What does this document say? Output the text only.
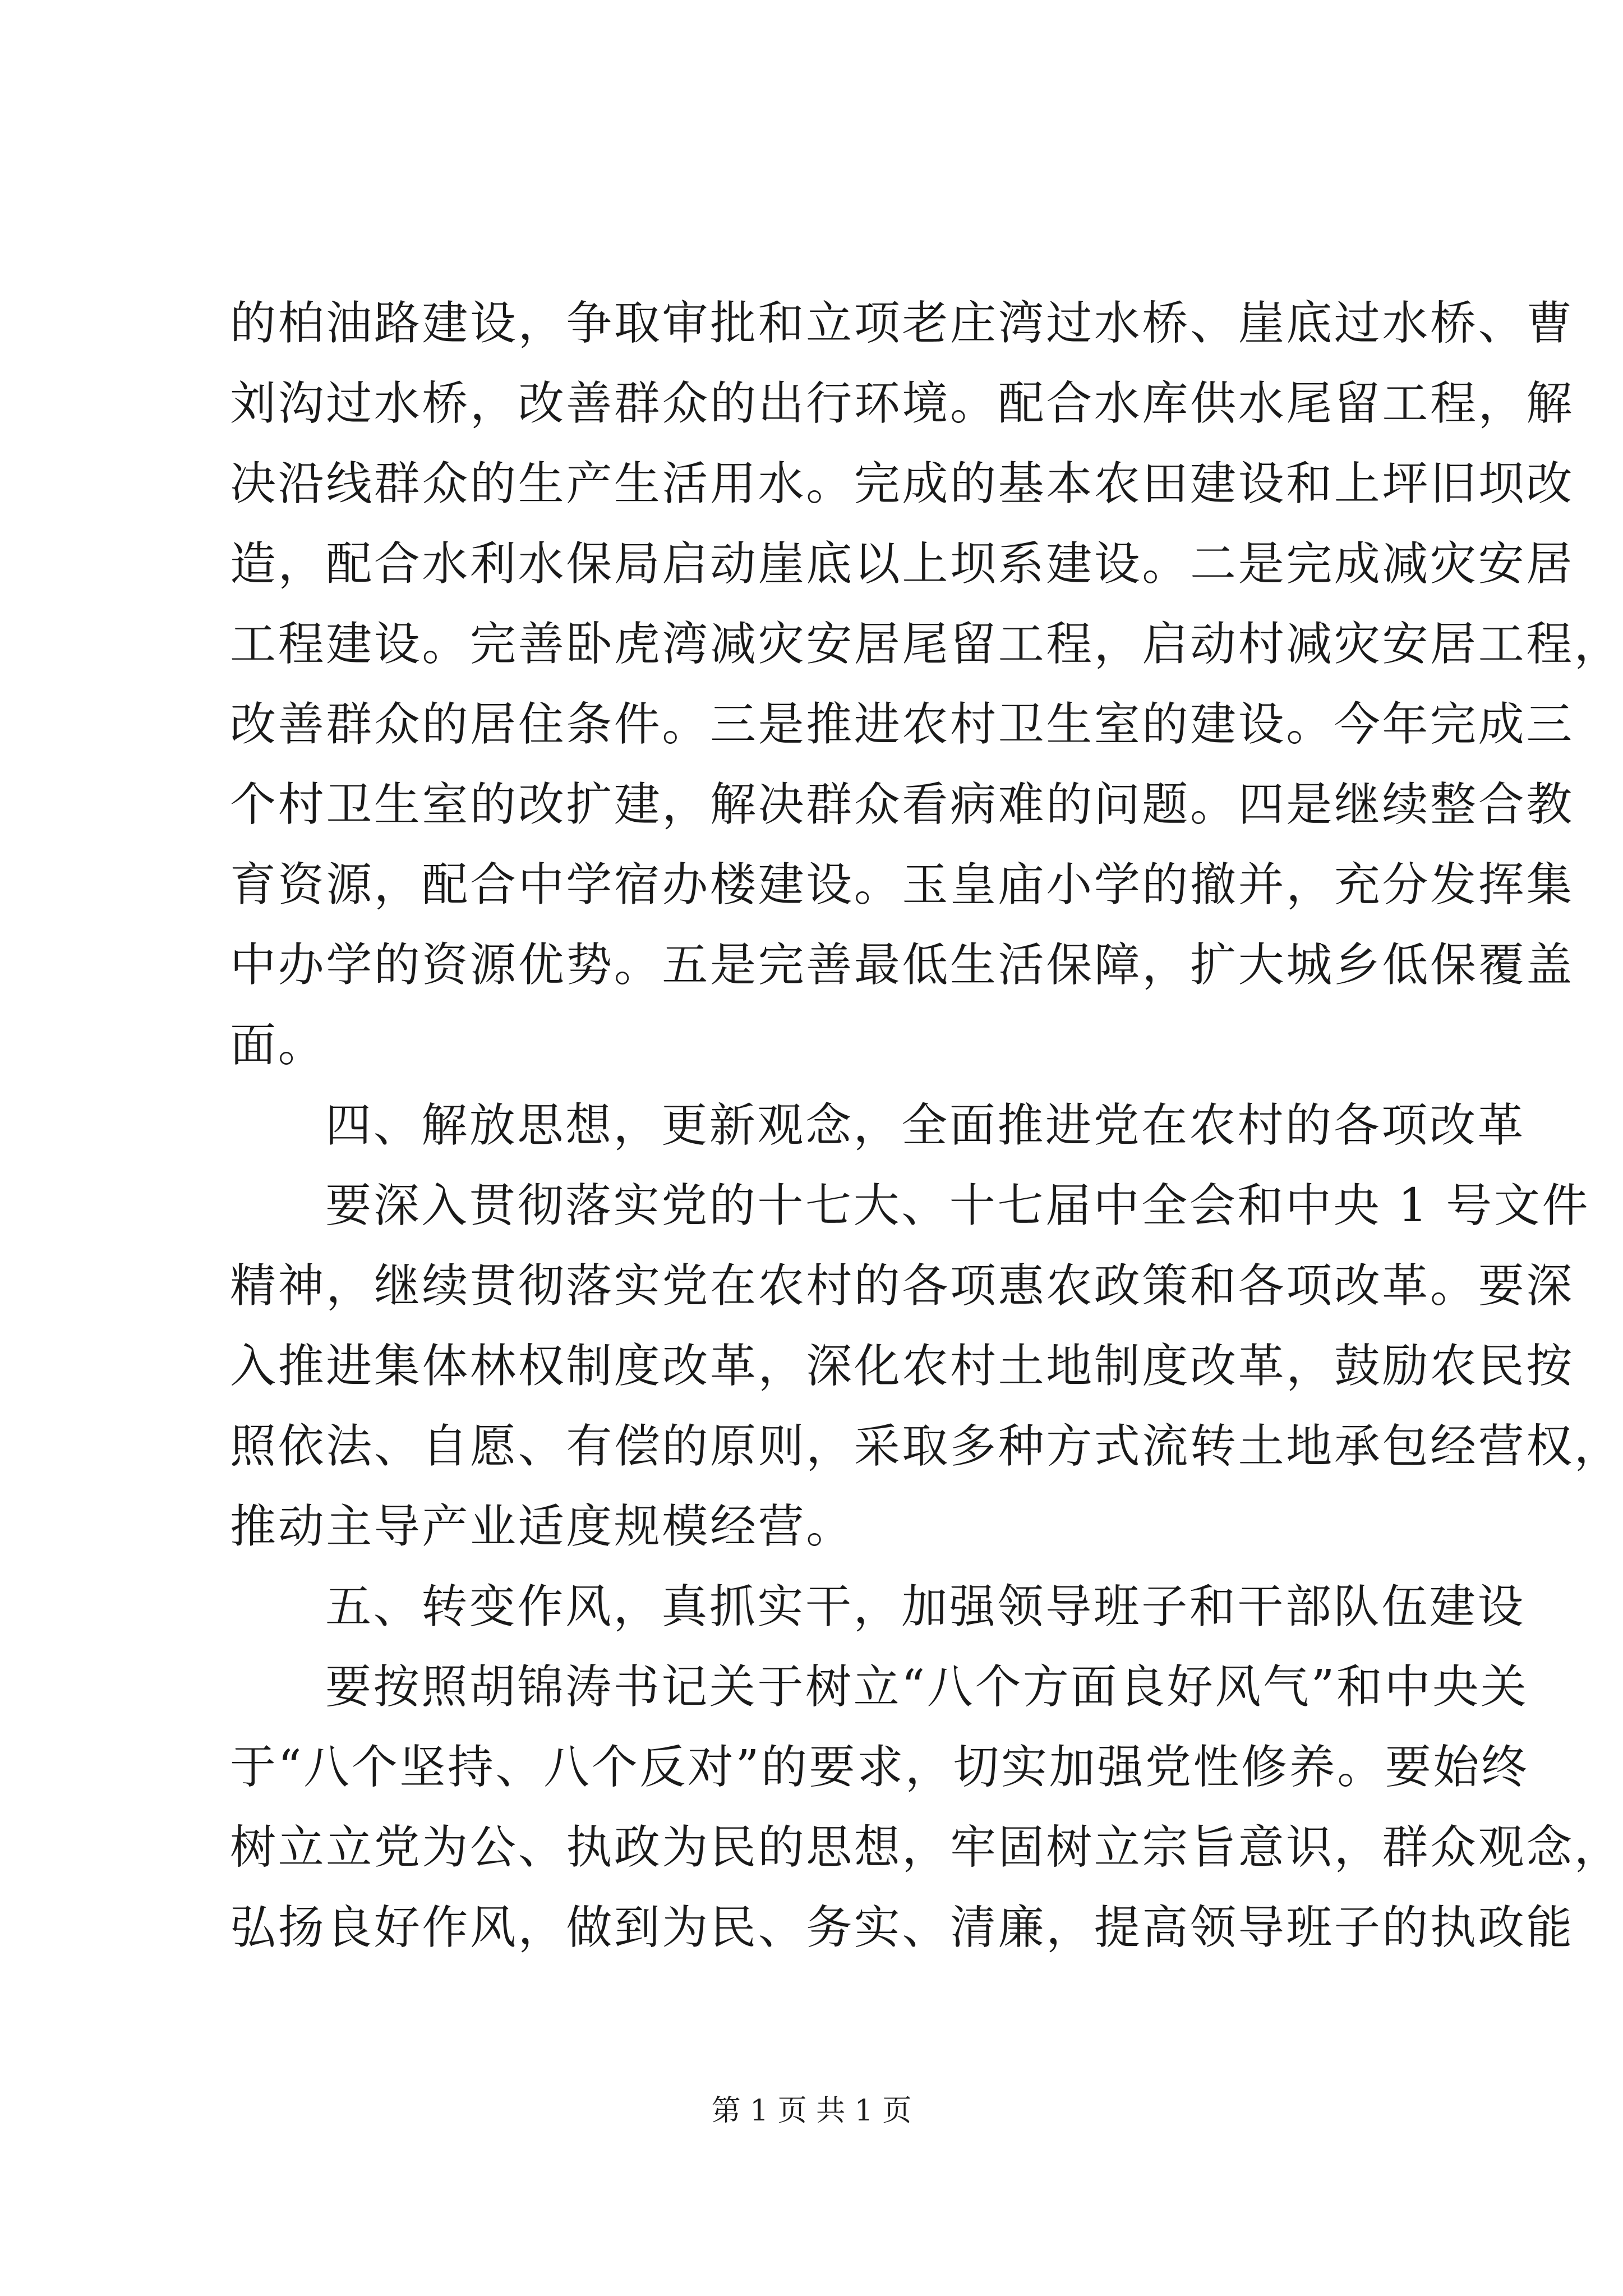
的柏油路建设，争取审批和立项老庄湾过水桥、崖底过水桥、曹
刘沟过水桥，改善群众的出行环境。配合水库供水尾留工程，解
决沿线群众的生产生活用水。完成的基本农田建设和上坪旧坝改
造，配合水利水保局启动崖底以上坝系建设。二是完成减灾安居
工程建设。完善卧虎湾减灾安居尾留工程，启动村减灾安居工程，
改善群众的居住条件。三是推进农村卫生室的建设。今年完成三
个村卫生室的改扩建，解决群众看病难的问题。四是继续整合教
育资源，配合中学宿办楼建设。玉皇庙小学的撤并，充分发挥集
中办学的资源优势。五是完善最低生活保障，扩大城乡低保覆盖
面。
四、解放思想，更新观念，全面推进党在农村的各项改革
要深入贯彻落实党的十七大、十七届中全会和中央 1 号文件
精神，继续贯彻落实党在农村的各项惠农政策和各项改革。要深
入推进集体林权制度改革，深化农村土地制度改革，鼓励农民按
照依法、自愿、有偿的原则，采取多种方式流转土地承包经营权，
推动主导产业适度规模经营。
五、转变作风，真抓实干，加强领导班子和干部队伍建设
要按照胡锦涛书记关于树立“八个方面良好风气”和中央关
于“八个坚持、八个反对”的要求，切实加强党性修养。要始终
树立立党为公、执政为民的思想，牢固树立宗旨意识，群众观念，
弘扬良好作风，做到为民、务实、清廉，提高领导班子的执政能
第 1 页 共 1 页
